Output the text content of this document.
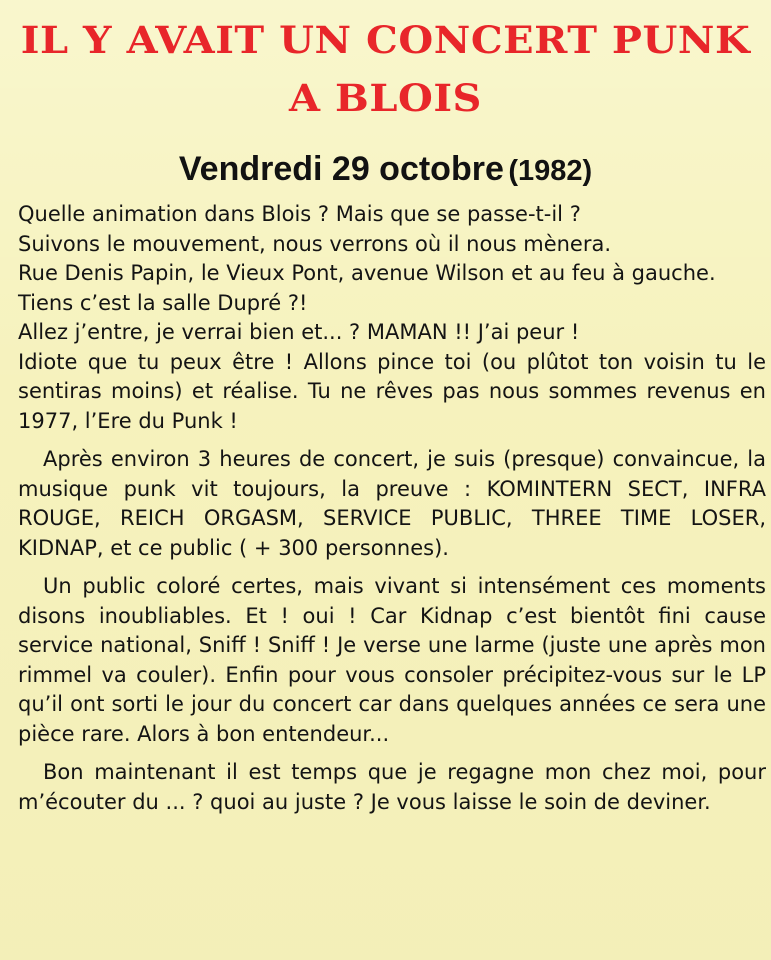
IL Y AVAIT UN CONCERT PUNK
A BLOIS
Vendredi 29 octobre (1982)
Quelle animation dans Blois ? Mais que se passe-t-il ?
Suivons le mouvement, nous verrons où il nous mènera.
Rue Denis Papin, le Vieux Pont, avenue Wilson et au feu à gauche.
Tiens c’est la salle Dupré ?!
Allez j’entre, je verrai bien et... ? MAMAN !! J’ai peur !
Idiote que tu peux être ! Allons pince toi (ou plûtot ton voisin tu le sentiras moins) et réalise. Tu ne rêves pas nous sommes revenus en 1977, l’Ere du Punk !

Après environ 3 heures de concert, je suis (presque) convaincue, la musique punk vit toujours, la preuve : KOMINTERN SECT, INFRA ROUGE, REICH ORGASM, SERVICE PUBLIC, THREE TIME LOSER, KIDNAP, et ce public ( + 300 personnes).

Un public coloré certes, mais vivant si intensément ces moments disons inoubliables. Et ! oui ! Car Kidnap c’est bientôt fini cause service national, Sniff ! Sniff ! Je verse une larme (juste une après mon rimmel va couler). Enfin pour vous consoler précipitez-vous sur le LP qu’il ont sorti le jour du concert car dans quelques années ce sera une pièce rare. Alors à bon entendeur...

Bon maintenant il est temps que je regagne mon chez moi, pour m’écouter du ... ? quoi au juste ? Je vous laisse le soin de deviner.
